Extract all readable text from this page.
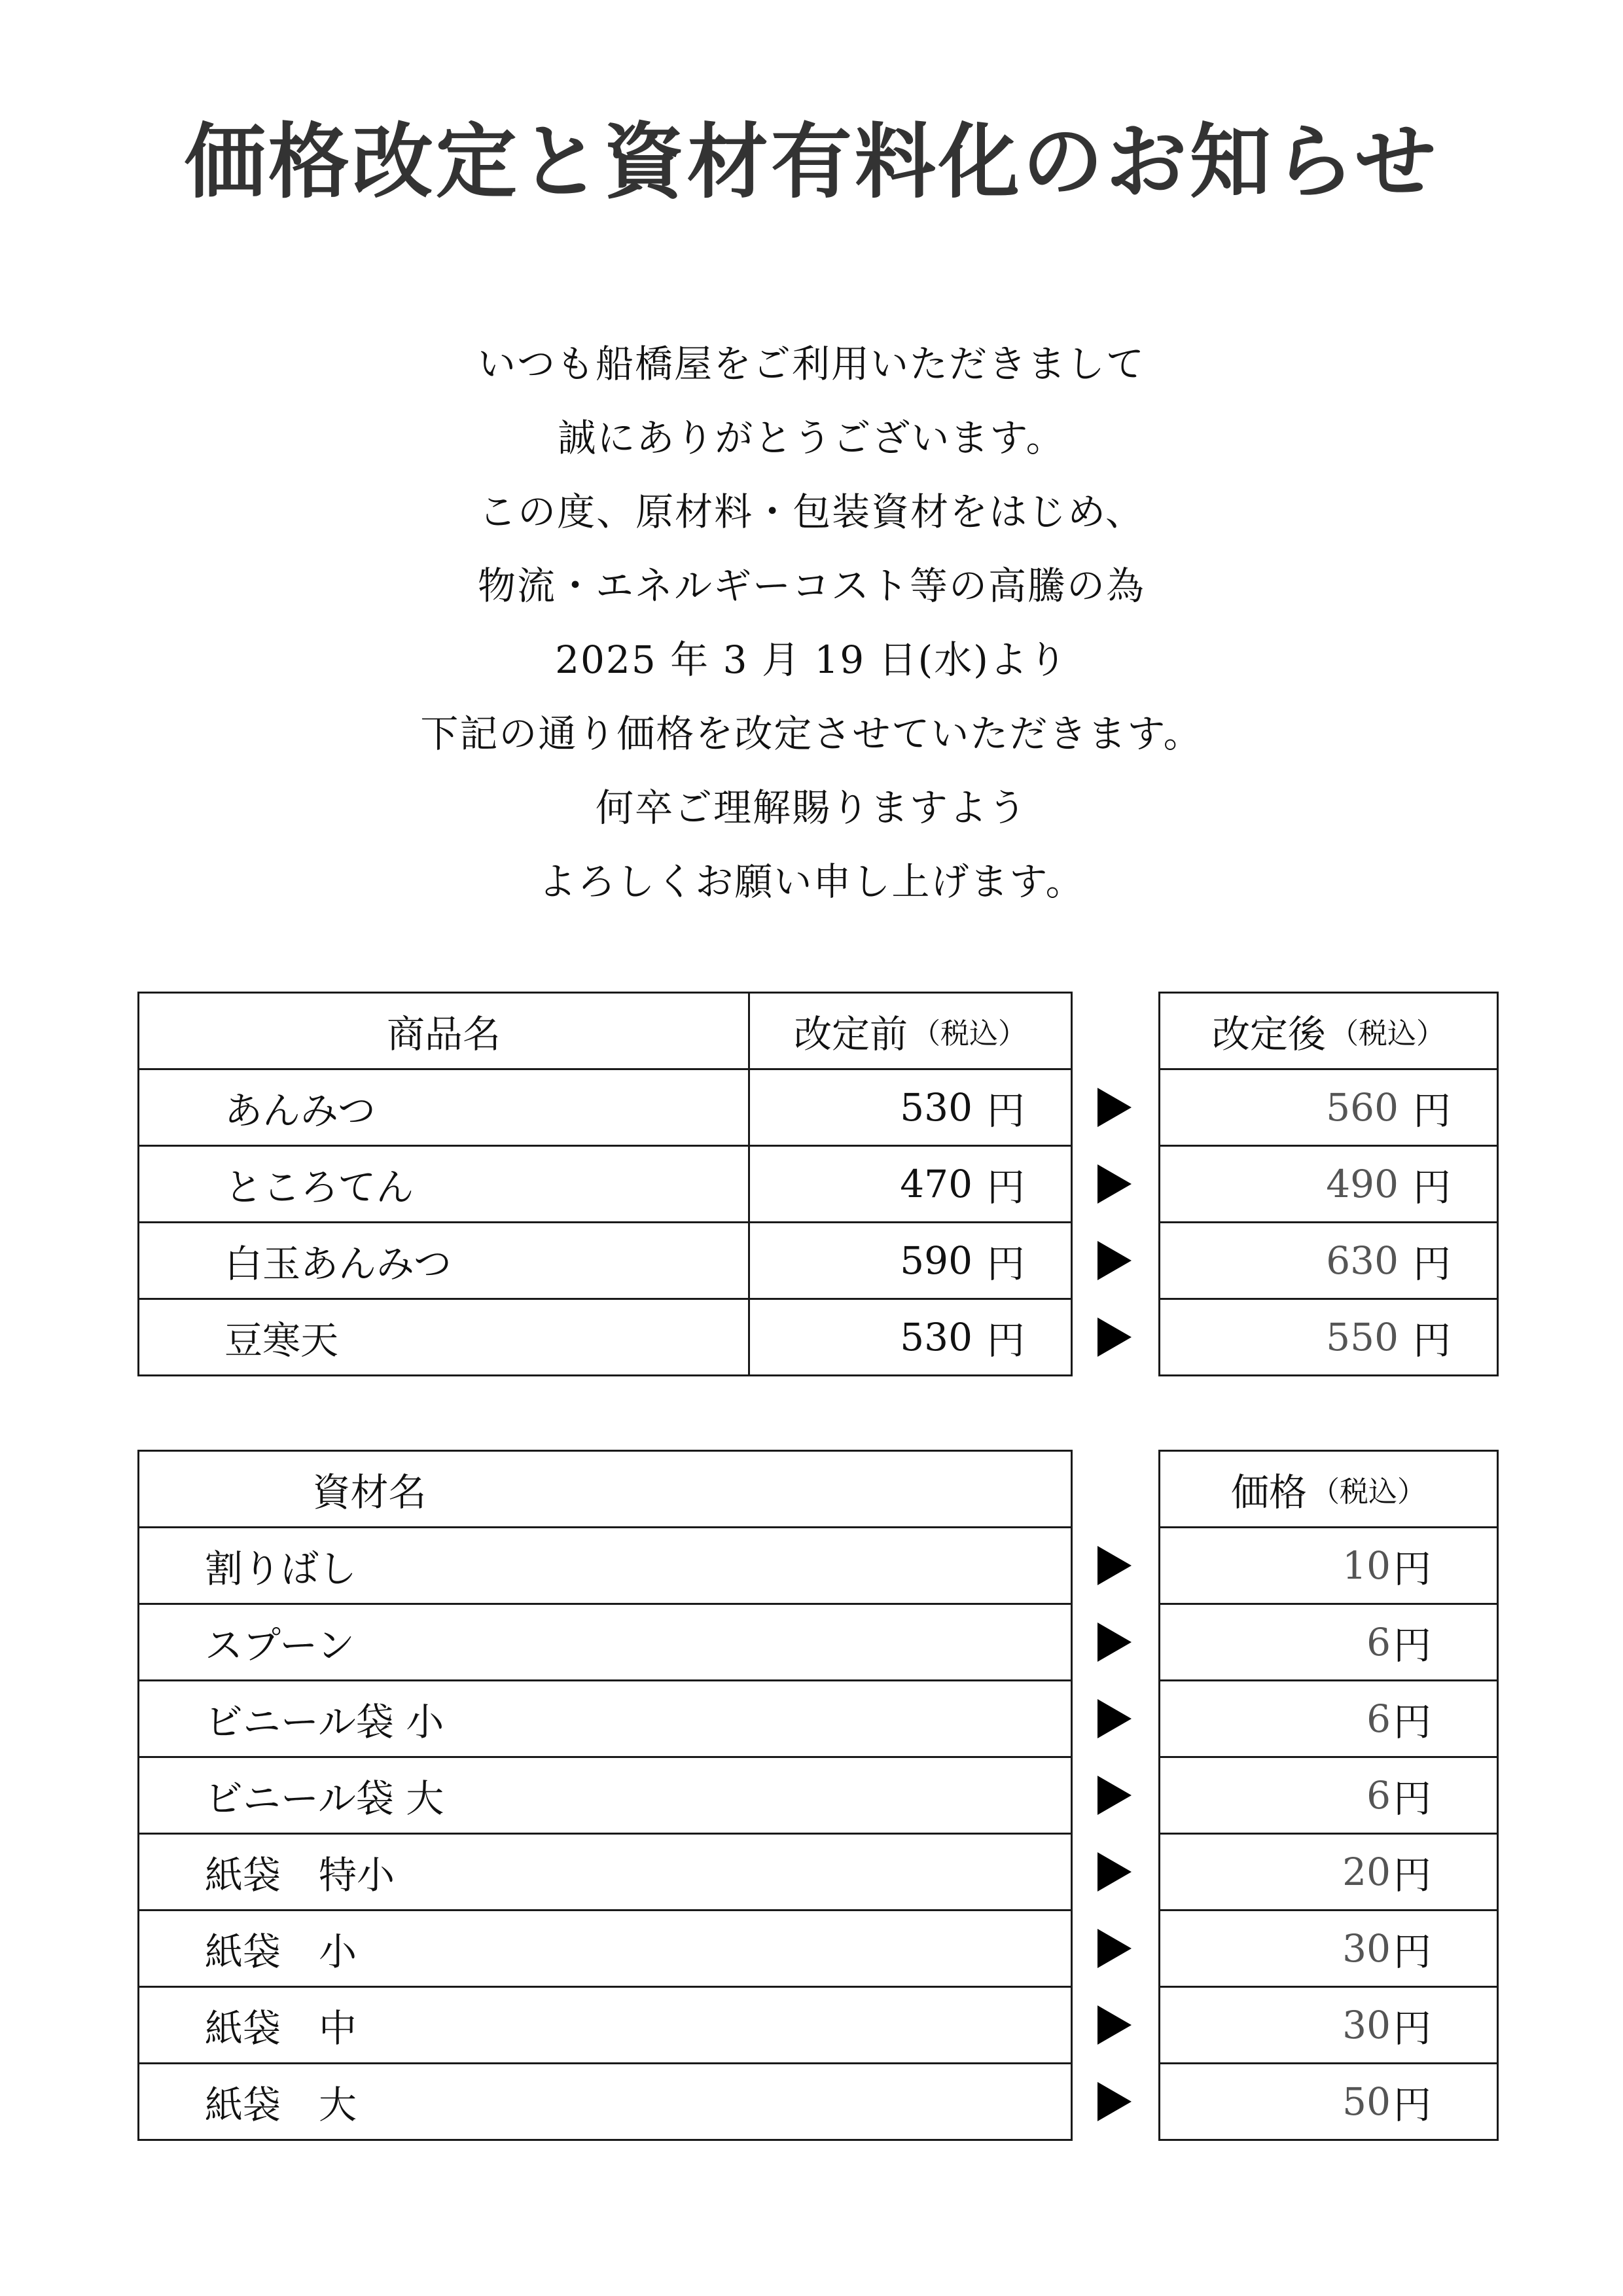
価格改定と資材有料化のお知らせ
いつも船橋屋をご利用いただきまして
誠にありがとうございます。
この度、原材料・包装資材をはじめ、
物流・エネルギーコスト等の高騰の為
2025 年 3 月 19 日(水)より
下記の通り価格を改定させていただきます。
何卒ご理解賜りますよう
よろしくお願い申し上げます。
商品名	改定前 （税込）	改定後 （税込）
あんみつ	530 円	560 円
ところてん	470 円	490 円
白玉あんみつ	590 円	630 円
豆寒天	530 円	550 円
資材名	価格 （税込）
割りばし	10 円
スプーン	6 円
ビニール袋 小	6 円
ビニール袋 大	6 円
紙袋　特小	20 円
紙袋　小	30 円
紙袋　中	30 円
紙袋　大	50 円
